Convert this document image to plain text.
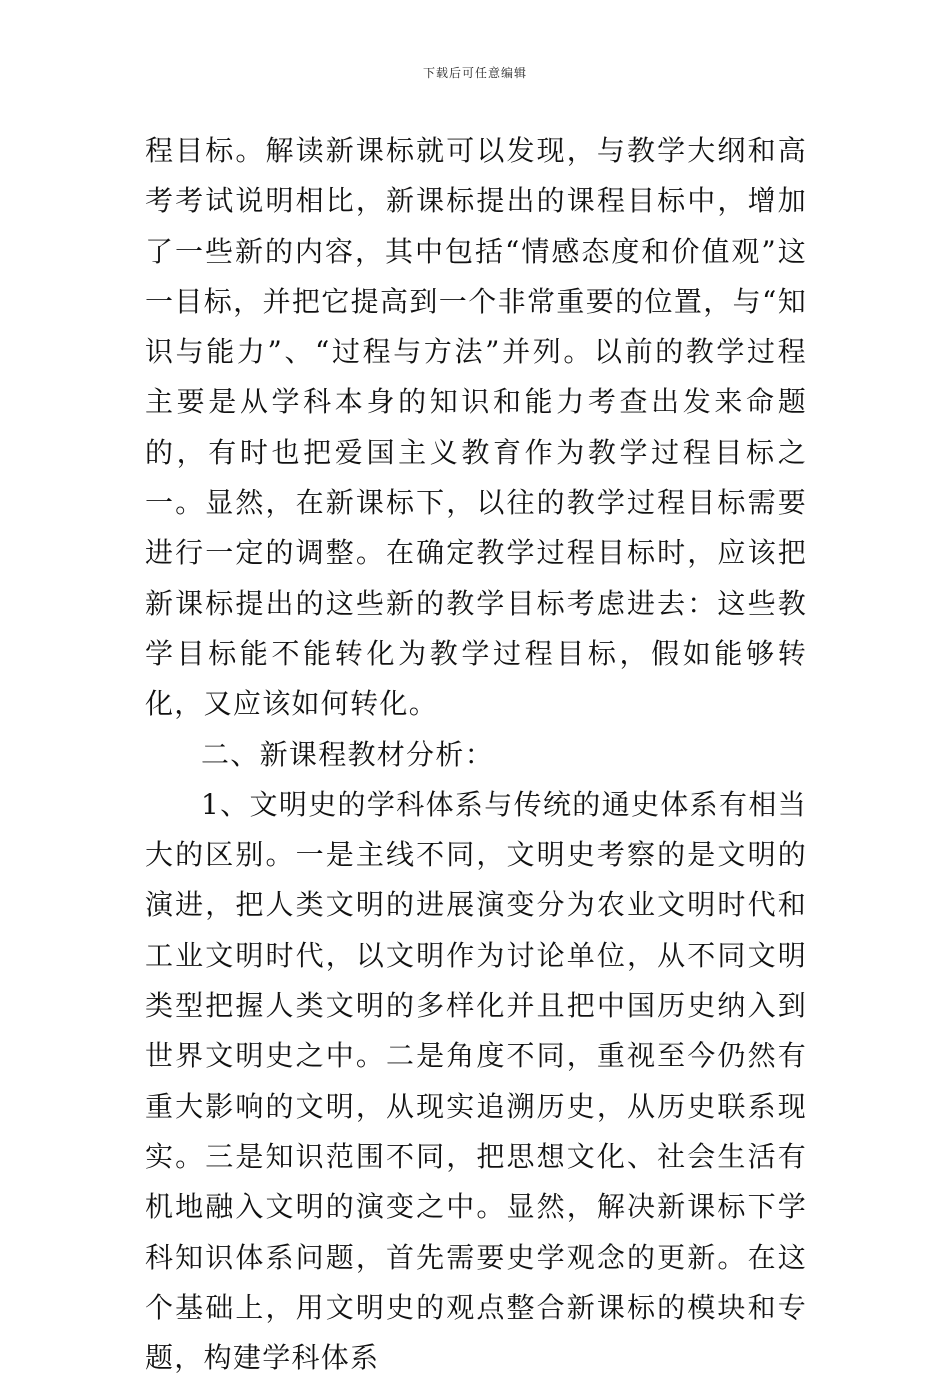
下载后可任意编辑

程目标。解读新课标就可以发现，与教学大纲和高考考试说明相比，新课标提出的课程目标中，增加了一些新的内容，其中包括“情感态度和价值观”这一目标，并把它提高到一个非常重要的位置，与“知识与能力”、“过程与方法”并列。以前的教学过程主要是从学科本身的知识和能力考查出发来命题的，有时也把爱国主义教育作为教学过程目标之一。显然，在新课标下，以往的教学过程目标需要进行一定的调整。在确定教学过程目标时，应该把新课标提出的这些新的教学目标考虑进去：这些教学目标能不能转化为教学过程目标，假如能够转化，又应该如何转化。

二、新课程教材分析：

1、文明史的学科体系与传统的通史体系有相当大的区别。一是主线不同，文明史考察的是文明的演进，把人类文明的进展演变分为农业文明时代和工业文明时代，以文明作为讨论单位，从不同文明类型把握人类文明的多样化并且把中国历史纳入到世界文明史之中。二是角度不同，重视至今仍然有重大影响的文明，从现实追溯历史，从历史联系现实。三是知识范围不同，把思想文化、社会生活有机地融入文明的演变之中。显然，解决新课标下学科知识体系问题，首先需要史学观念的更新。在这个基础上，用文明史的观点整合新课标的模块和专题，构建学科体系
